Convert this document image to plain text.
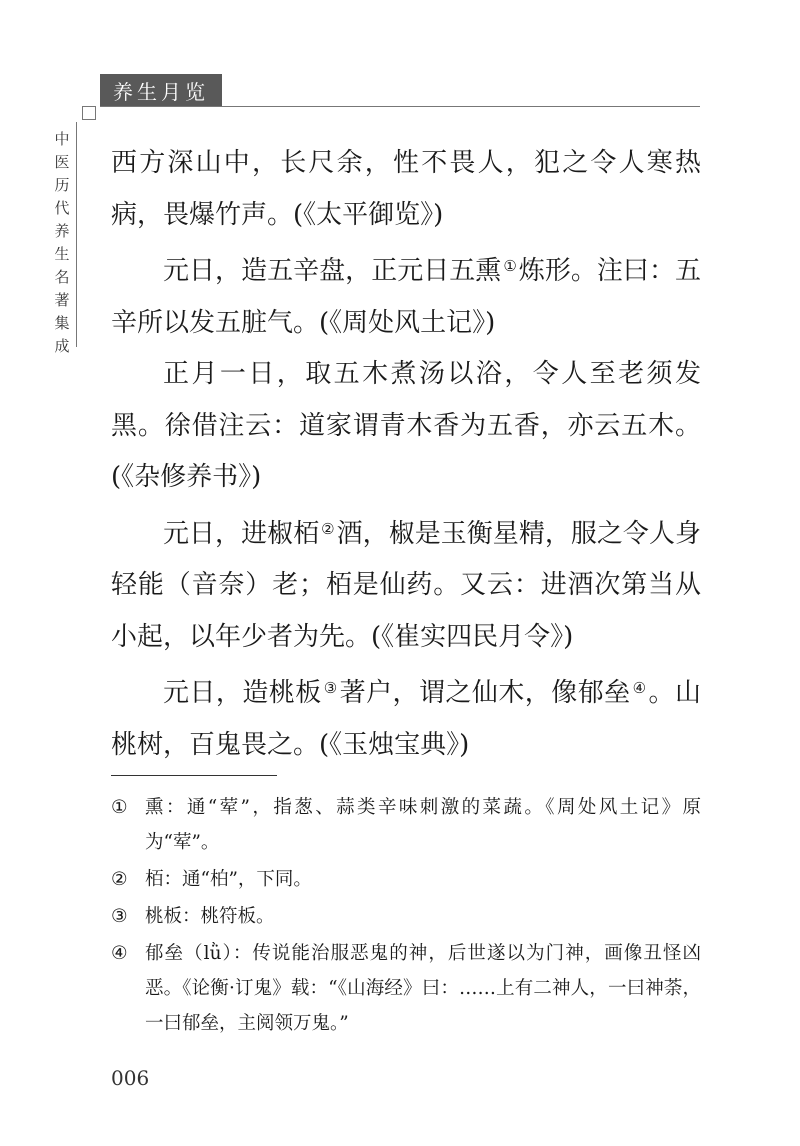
养生月览
中
医
历
代
养
生
名
著
集
成

西方深山中，长尺余，性不畏人，犯之令人寒热病，畏爆竹声。(《太平御览》)

元日，造五辛盘，正元日五熏 ①炼形。注曰：五辛所以发五脏气。(《周处风土记》)

正月一日，取五木煮汤以浴，令人至老须发黑。徐借注云：道家谓青木香为五香，亦云五木。(《杂修养书》)

元日，进椒栢 ②酒，椒是玉衡星精，服之令人身轻能（音奈）老；栢是仙药。又云：进酒次第当从小起，以年少者为先。(《崔实四民月令》)

元日，造桃板 ③著户，谓之仙木，像郁垒 ④。山桃树，百鬼畏之。(《玉烛宝典》)

① 熏：通“荤”，指葱、蒜类辛味刺激的菜蔬。《周处风土记》原为“荤”。
② 栢：通“柏”，下同。
③ 桃板：桃符板。
④ 郁垒（lǜ）：传说能治服恶鬼的神，后世遂以为门神，画像丑怪凶恶。《论衡·订鬼》载：“《山海经》曰：……上有二神人，一曰神荼，一曰郁垒，主阅领万鬼。”
006
